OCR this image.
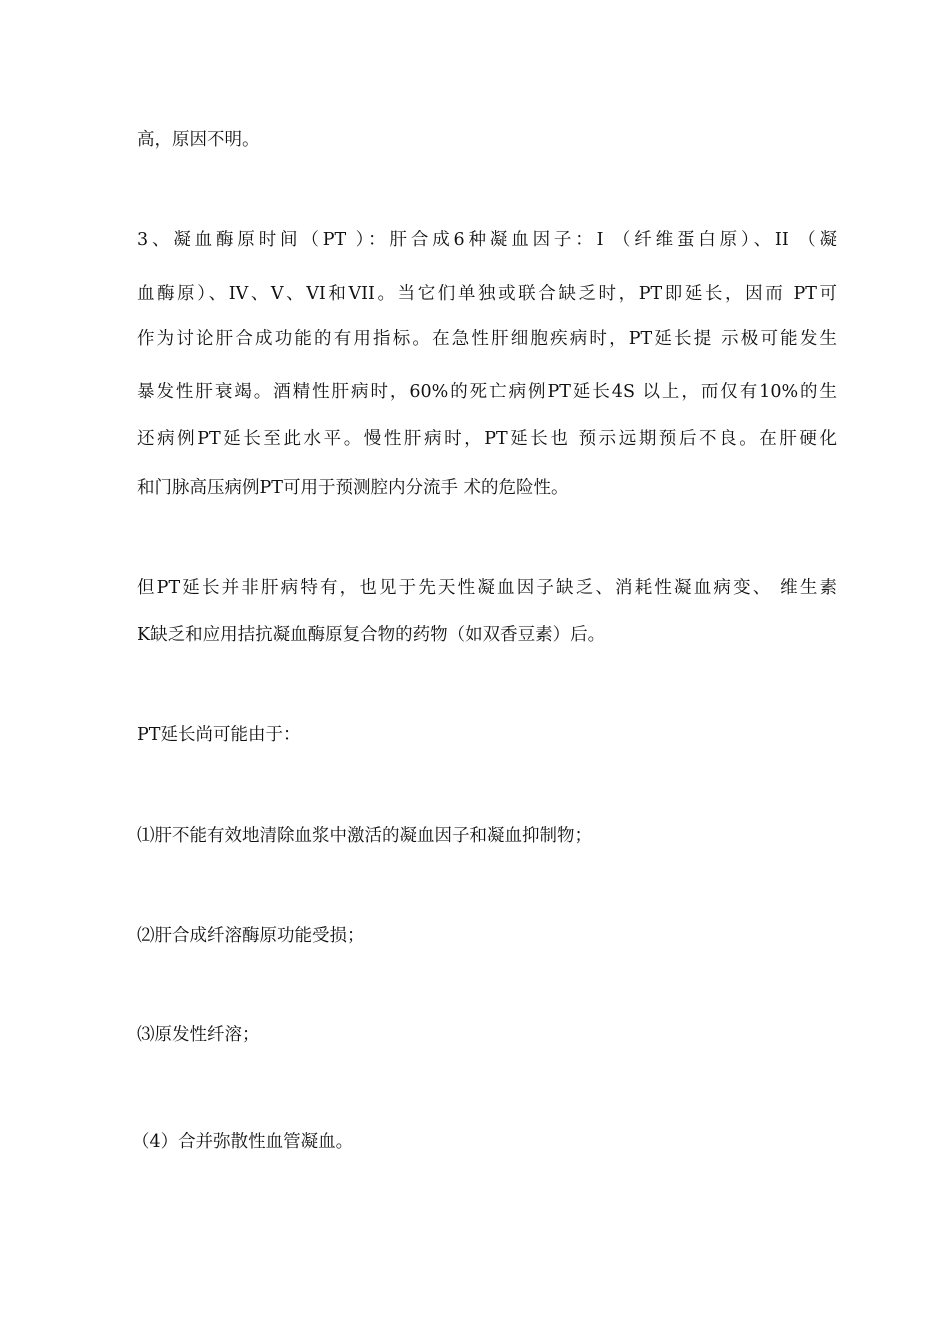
高，原因不明。
3、凝血酶原时间（PT ）：肝合成6种凝血因子：I （纤维蛋白原）、II （凝
血酶原）、IV、V、VI和VII。当它们单独或联合缺乏时，PT即延长，因而 PT可
作为讨论肝合成功能的有用指标。在急性肝细胞疾病时，PT延长提 示极可能发生
暴发性肝衰竭。酒精性肝病时，60%的死亡病例PT延长4S 以上，而仅有10%的生
还病例PT延长至此水平。慢性肝病时，PT延长也 预示远期预后不良。在肝硬化
和门脉高压病例PT可用于预测腔内分流手 术的危险性。
但PT延长并非肝病特有，也见于先天性凝血因子缺乏、消耗性凝血病变、 维生素
K缺乏和应用拮抗凝血酶原复合物的药物（如双香豆素）后。
PT延长尚可能由于：
⑴肝不能有效地清除血浆中激活的凝血因子和凝血抑制物；
⑵肝合成纤溶酶原功能受损；
⑶原发性纤溶；
（4）合并弥散性血管凝血。
